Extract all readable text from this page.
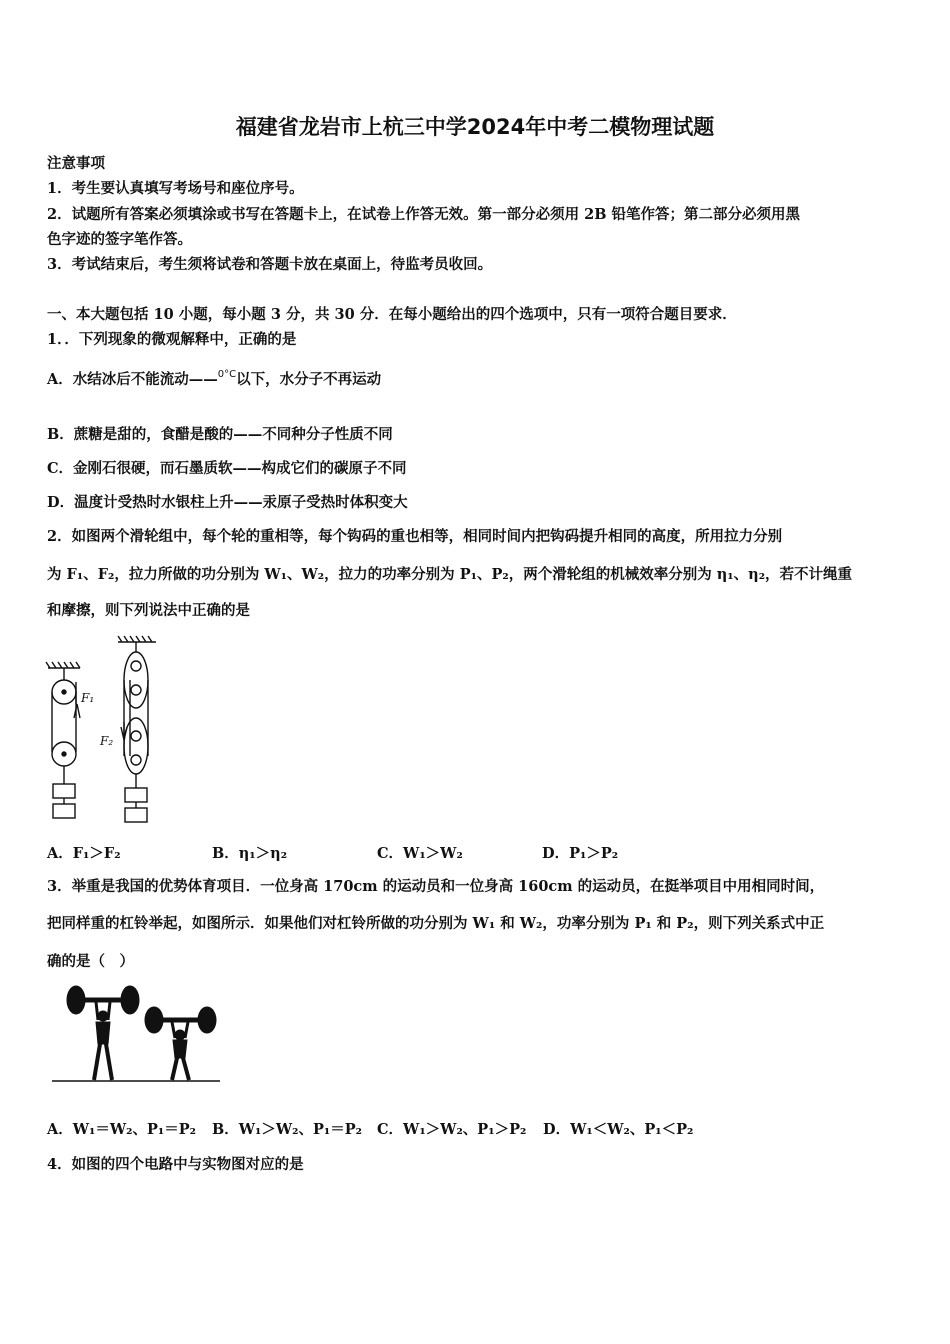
福建省龙岩市上杭三中学2024年中考二模物理试题
注意事项
1．考生要认真填写考场号和座位序号。
2．试题所有答案必须填涂或书写在答题卡上，在试卷上作答无效。第一部分必须用 2B 铅笔作答；第二部分必须用黑
色字迹的签字笔作答。
3．考试结束后，考生须将试卷和答题卡放在桌面上，待监考员收回。
一、本大题包括 10 小题，每小题 3 分，共 30 分．在每小题给出的四个选项中，只有一项符合题目要求．
1．．下列现象的微观解释中，正确的是
A．水结冰后不能流动——$^{0^\circ C}$以下，水分子不再运动
B．蔗糖是甜的，食醋是酸的——不同种分子性质不同
C．金刚石很硬，而石墨质软——构成它们的碳原子不同
D．温度计受热时水银柱上升——汞原子受热时体积变大
2．如图两个滑轮组中，每个轮的重相等，每个钩码的重也相等，相同时间内把钩码提升相同的高度，所用拉力分别
为 F₁、F₂，拉力所做的功分别为 W₁、W₂，拉力的功率分别为 P₁、P₂，两个滑轮组的机械效率分别为 η₁、η₂，若不计绳重
和摩擦，则下列说法中正确的是
F₁
F₂
A．F₁＞F₂	B．η₁＞η₂	C．W₁＞W₂	D．P₁＞P₂
3．举重是我国的优势体育项目．一位身高 170cm 的运动员和一位身高 160cm 的运动员，在挺举项目中用相同时间，
把同样重的杠铃举起，如图所示．如果他们对杠铃所做的功分别为 W₁ 和 W₂，功率分别为 P₁ 和 P₂，则下列关系式中正
确的是（　）
A．W₁＝W₂、P₁＝P₂	B．W₁＞W₂、P₁＝P₂	C．W₁＞W₂、P₁＞P₂	D．W₁＜W₂、P₁＜P₂
4．如图的四个电路中与实物图对应的是
